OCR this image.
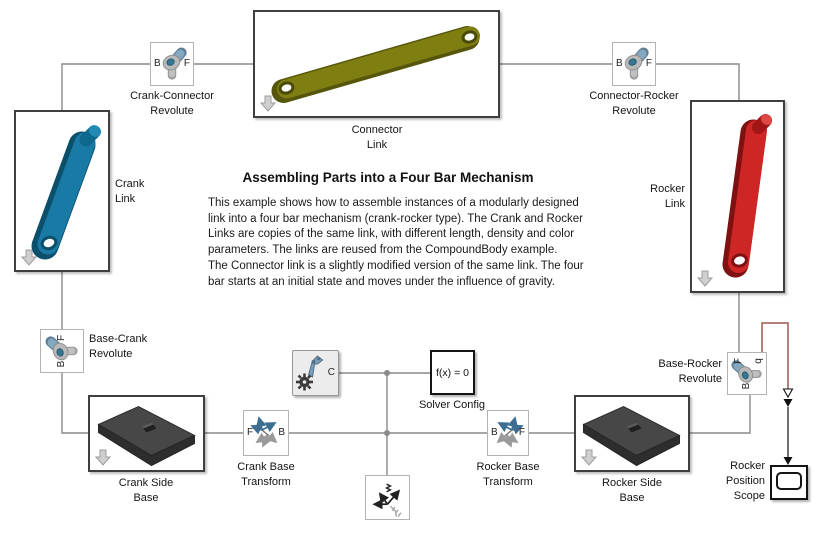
Crank
Link
Connector
Link
Rocker
Link
B F
Crank-Connector
Revolute
B F
Connector-Rocker
Revolute
F
B
Base-Crank
Revolute
F q
B
Base-Rocker
Revolute
Crank Side
Base
Rocker Side
Base
F	B
Crank Base
Transform
B F
Rocker Base
Transform
C	f(x) = 0
Solver Config
Rocker
Position
Scope
Assembling Parts into a Four Bar Mechanism
This example shows how to assemble instances of a modularly designed
link into a four bar mechanism (crank-rocker type). The Crank and Rocker
Links are copies of the same link, with different length, density and color
parameters. The links are reused from the CompoundBody example.
The Connector link is a slightly modified version of the same link. The four
bar starts at an initial state and moves under the influence of gravity.
